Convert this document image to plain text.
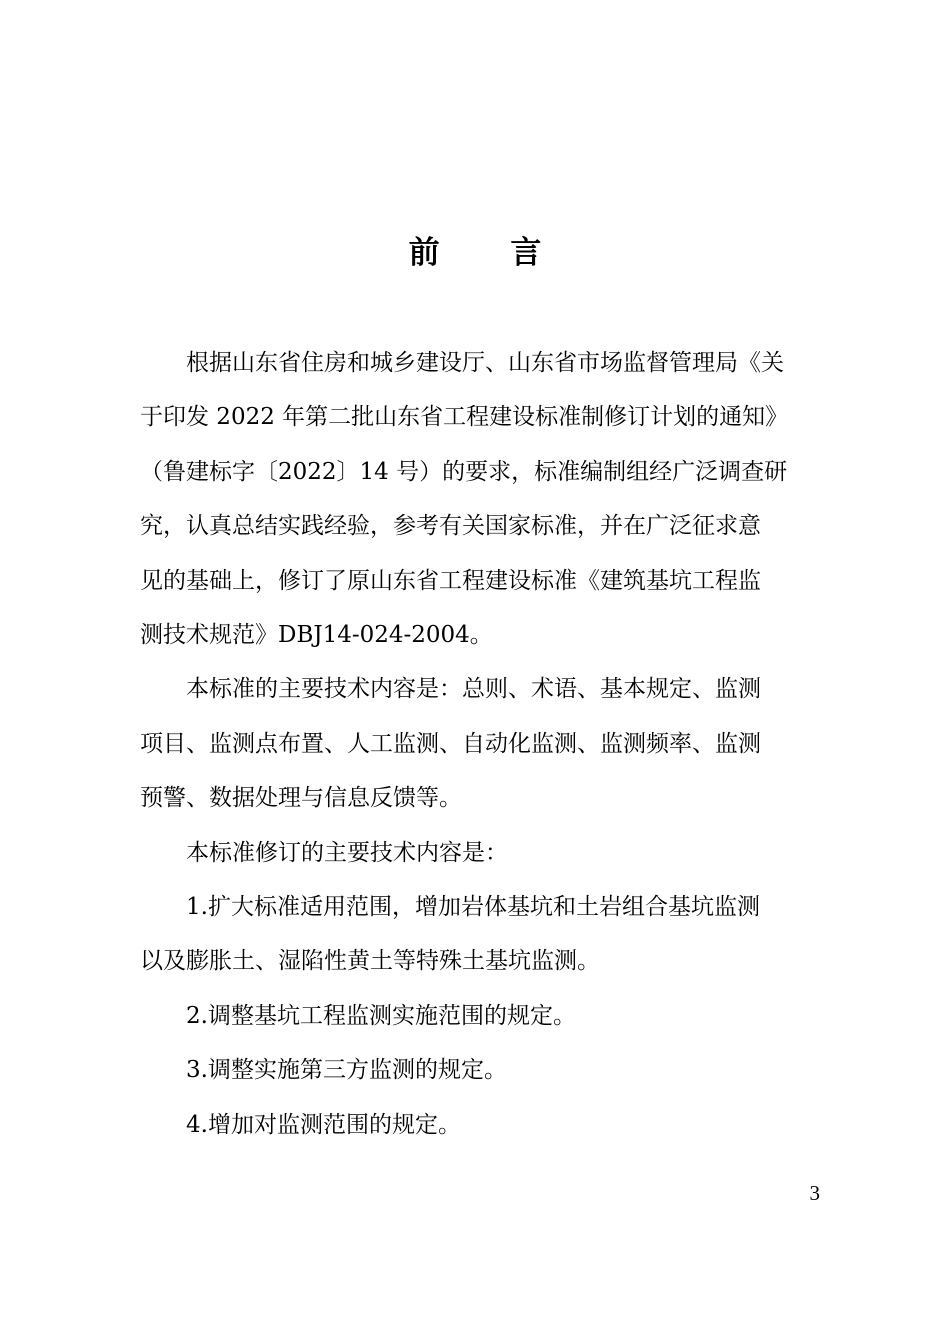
前 言
根据山东省住房和城乡建设厅、山东省市场监督管理局《关
于印发 2022 年第二批山东省工程建设标准制修订计划的通知》
（鲁建标字〔2022〕14 号）的要求，标准编制组经广泛调查研
究，认真总结实践经验，参考有关国家标准，并在广泛征求意
见的基础上，修订了原山东省工程建设标准《建筑基坑工程监
测技术规范》DBJ14-024-2004。
本标准的主要技术内容是：总则、术语、基本规定、监测
项目、监测点布置、人工监测、自动化监测、监测频率、监测
预警、数据处理与信息反馈等。
本标准修订的主要技术内容是：
1.扩大标准适用范围，增加岩体基坑和土岩组合基坑监测
以及膨胀土、湿陷性黄土等特殊土基坑监测。
2.调整基坑工程监测实施范围的规定。
3.调整实施第三方监测的规定。
4.增加对监测范围的规定。
3
